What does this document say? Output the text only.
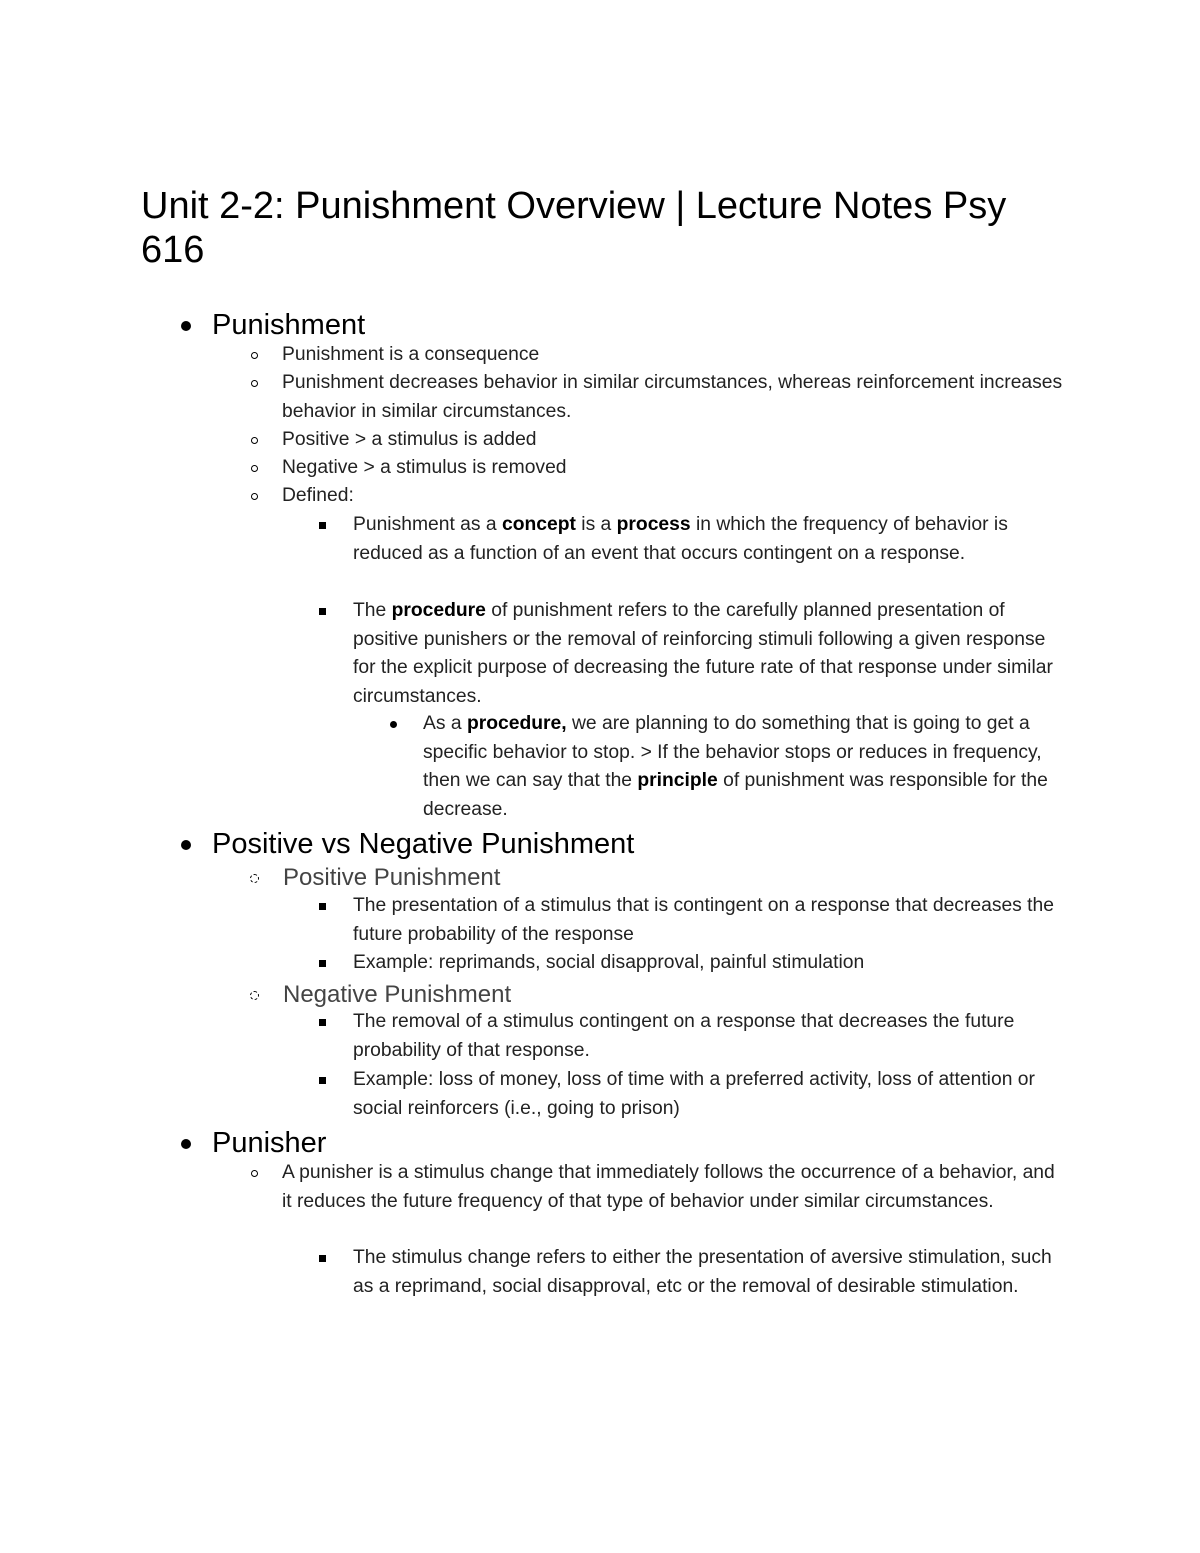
Unit 2-2: Punishment Overview | Lecture Notes Psy 616
Punishment
Punishment is a consequence
Punishment decreases behavior in similar circumstances, whereas reinforcement increases behavior in similar circumstances.
Positive > a stimulus is added
Negative > a stimulus is removed
Defined:
Punishment as a concept is a process in which the frequency of behavior is reduced as a function of an event that occurs contingent on a response.
The procedure of punishment refers to the carefully planned presentation of positive punishers or the removal of reinforcing stimuli following a given response for the explicit purpose of decreasing the future rate of that response under similar circumstances.
As a procedure, we are planning to do something that is going to get a specific behavior to stop. > If the behavior stops or reduces in frequency, then we can say that the principle of punishment was responsible for the decrease.
Positive vs Negative Punishment
Positive Punishment
The presentation of a stimulus that is contingent on a response that decreases the future probability of the response
Example: reprimands, social disapproval, painful stimulation
Negative Punishment
The removal of a stimulus contingent on a response that decreases the future probability of that response.
Example: loss of money, loss of time with a preferred activity, loss of attention or social reinforcers (i.e., going to prison)
Punisher
A punisher is a stimulus change that immediately follows the occurrence of a behavior, and it reduces the future frequency of that type of behavior under similar circumstances.
The stimulus change refers to either the presentation of aversive stimulation, such as a reprimand, social disapproval, etc or the removal of desirable stimulation.
